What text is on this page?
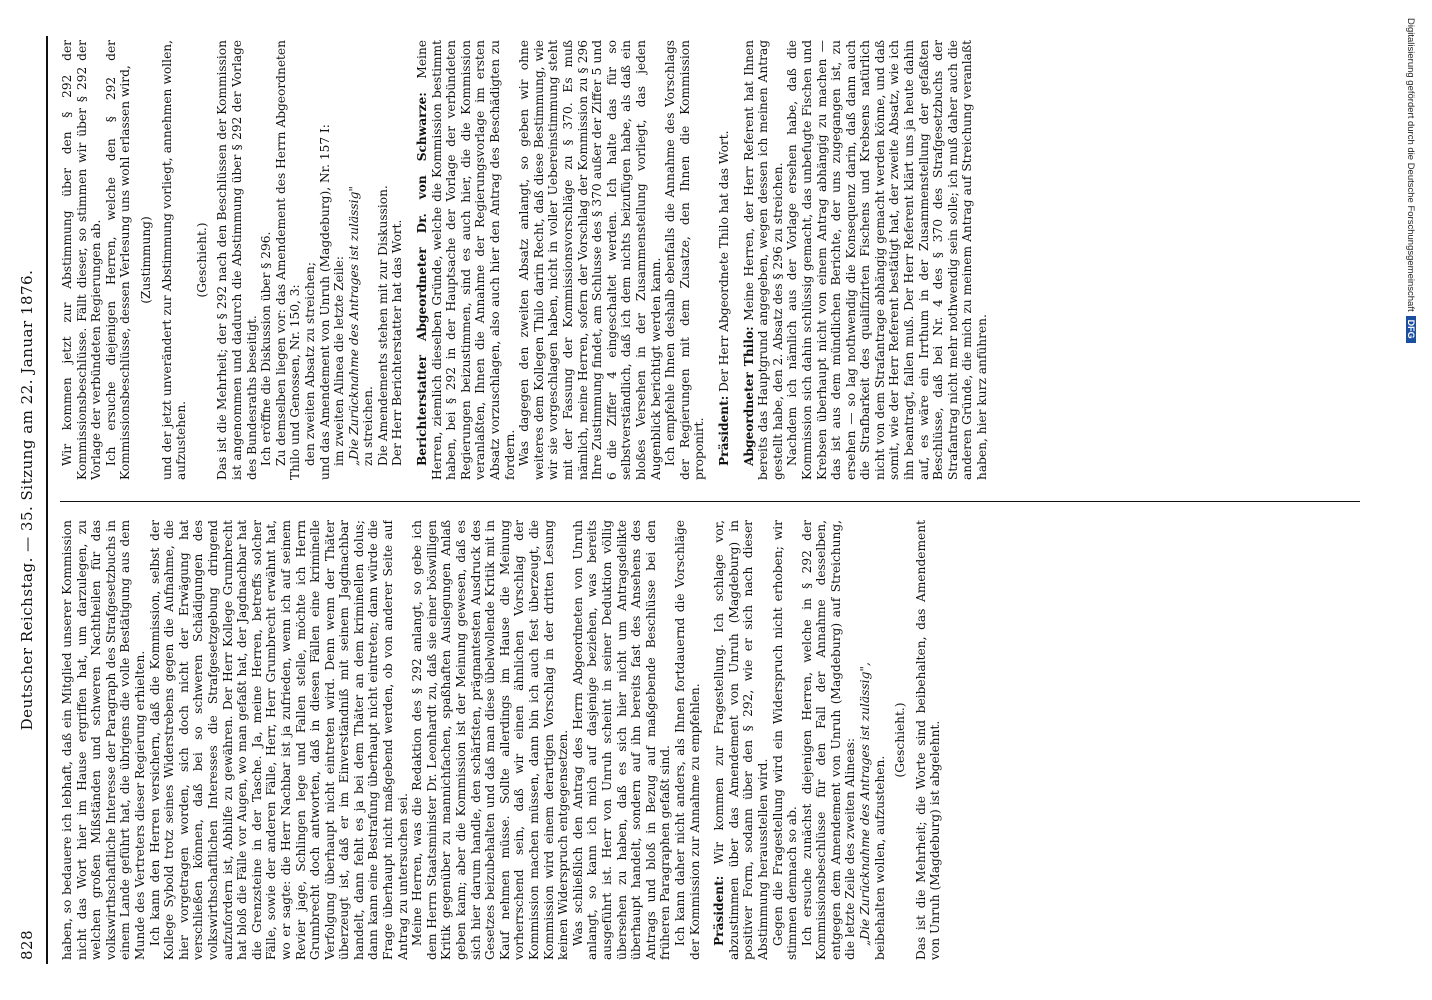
828
Deutscher Reichstag. — 35. Sitzung am 22. Januar 1876.

haben, so bedauere ich lebhaft, daß ein Mitglied unserer Kommission nicht das Wort hier im Hause ergriffen hat, um darzulegen, zu welchen großen Mißständen und schweren Nachtheilen für das volkswirthschaftliche Interesse der Paragraph des Strafgesetzbuchs in einem Lande geführt hat, die übrigens die volle Bestätigung aus dem Munde des Vertreters dieser Regierung erhielten. Ich kann den Herren versichern, daß die Kommission, selbst der Kollege Sybold trotz seines Widerstrebens gegen die Aufnahme, die hier vorgetragen worden, sich doch nicht der Erwägung hat verschließen können, daß bei so schweren Schädigungen des volkswirthschaftlichen Interesses die Strafgesetzgebung dringend aufzufordern ist, Abhilfe zu gewähren. Der Herr Kollege Grumbrecht hat bloß die Fälle vor Augen, wo man gefaßt hat, der Jagdnachbar hat die Grenzsteine in der Tasche. Ja, meine Herren, betreffs solcher Fälle, sowie der anderen Fälle, Herr, Herr Grumbrecht erwähnt hat, wo er sagte: die Herr Nachbar ist ja zufrieden, wenn ich auf seinem Revier jage, Schlingen lege und Fallen stelle, möchte ich Herrn Grumbrecht doch antworten, daß in diesen Fällen eine kriminelle Verfolgung überhaupt nicht eintreten wird. Denn wenn der Thäter überzeugt ist, daß er im Einverständniß mit seinem Jagdnachbar handelt, dann fehlt es ja bei dem Thäter an dem kriminellen dolus; dann kann eine Bestrafung überhaupt nicht eintreten; dann würde die Frage überhaupt nicht maßgebend werden, ob von anderer Seite auf Antrag zu untersuchen sei. Meine Herren, was die Redaktion des § 292 anlangt, so gebe ich dem Herrn Staatsminister Dr. Leonhardt zu, daß sie einer böswilligen Kritik gegenüber zu mannichfachen, spaßhaften Auslegungen Anlaß geben kann; aber die Kommission ist der Meinung gewesen, daß es sich hier darum handle, den schärfsten, prägnantesten Ausdruck des Gesetzes beizubehalten und daß man diese übelwollende Kritik mit in Kauf nehmen müsse. Sollte allerdings im Hause die Meinung vorherrschend sein, daß wir einen ähnlichen Vorschlag der Kommission machen müssen, dann bin ich auch fest überzeugt, die Kommission wird einem derartigen Vorschlag in der dritten Lesung keinen Widerspruch entgegensetzen. Was schließlich den Antrag des Herrn Abgeordneten von Unruh anlangt, so kann ich mich auf dasjenige beziehen, was bereits ausgeführt ist. Herr von Unruh scheint in seiner Deduktion völlig übersehen zu haben, daß es sich hier nicht um Antragsdelikte überhaupt handelt, sondern auf ihn bereits fast des Ansehens des Antrags und bloß in Bezug auf maßgebende Beschlüsse bei den früheren Paragraphen gefaßt sind. Ich kann daher nicht anders, als Ihnen fortdauernd die Vorschläge der Kommission zur Annahme zu empfehlen. Präsident: Wir kommen zur Fragestellung. Ich schlage vor, abzustimmen über das Amendement von Unruh (Magdeburg) in positiver Form, sodann über den § 292, wie er sich nach dieser Abstimmung herausstellen wird. Gegen die Fragestellung wird ein Widerspruch nicht erhoben; wir stimmen demnach so ab. Ich ersuche zunächst diejenigen Herren, welche in § 292 der Kommissionsbeschlüsse für den Fall der Annahme desselben, entgegen dem Amendement von Unruh (Magdeburg) auf Streichung, die letzte Zeile des zweiten Alineas: „Die Zurücknahme des Antrages ist zulässig", beibehalten wollen, aufzustehen.

(Geschieht.) Das ist die Mehrheit; die Worte sind beibehalten, das Amendement von Unruh (Magdeburg) ist abgelehnt.

Wir kommen jetzt zur Abstimmung über den § 292 der Kommissionsbeschlüsse. Fällt dieser, so stimmen wir über § 292 der Vorlage der verbündeten Regierungen ab. Ich ersuche diejenigen Herren, welche den § 292 der Kommissionsbeschlüsse, dessen Verlesung uns wohl erlassen wird, (Zustimmung) und der jetzt unverändert zur Abstimmung vorliegt, annehmen wollen, aufzustehen.

(Geschieht.) Das ist die Mehrheit; der § 292 nach den Beschlüssen der Kommission ist angenommen und dadurch die Abstimmung über § 292 der Vorlage des Bundesraths beseitigt. Ich eröffne die Diskussion über § 296. Zu demselben liegen vor: das Amendement des Herrn Abgeordneten Thilo und Genossen, Nr. 150, 3: den zweiten Absatz zu streichen; und das Amendement von Unruh (Magdeburg), Nr. 157 I: im zweiten Alinea die letzte Zeile: „Die Zurücknahme des Antrages ist zulässig" zu streichen. Die Amendements stehen mit zur Diskussion. Der Herr Berichterstatter hat das Wort. Berichterstatter Abgeordneter Dr. von Schwarze: Meine Herren, ziemlich dieselben Gründe, welche die Kommission bestimmt haben, bei § 292 in der Hauptsache der Vorlage der verbündeten Regierungen beizustimmen, sind es auch hier, die die Kommission veranlaßten, Ihnen die Annahme der Regierungsvorlage im ersten Absatz vorzuschlagen, also auch hier den Antrag des Beschädigten zu fordern. Was dagegen den zweiten Absatz anlangt, so geben wir ohne weiteres dem Kollegen Thilo darin Recht, daß diese Bestimmung, wie wir sie vorgeschlagen haben, nicht in voller Uebereinstimmung steht mit der Fassung der Kommissionsvorschläge zu § 370. Es muß nämlich, meine Herren, sofern der Vorschlag der Kommission zu § 296 Ihre Zustimmung findet, am Schlusse des § 370 außer der Ziffer 5 und 6 die Ziffer 4 eingeschaltet werden. Ich halte das für so selbstverständlich, daß ich dem nichts beizufügen habe, als daß ein bloßes Versehen in der Zusammenstellung vorliegt, das jeden Augenblick berichtigt werden kann. Ich empfehle Ihnen deshalb ebenfalls die Annahme des Vorschlags der Regierungen mit dem Zusatze, den Ihnen die Kommission proponirt. Präsident: Der Herr Abgeordnete Thilo hat das Wort.

Abgeordneter Thilo: Meine Herren, der Herr Referent hat Ihnen bereits das Hauptgrund angegeben, wegen dessen ich meinen Antrag gestellt habe, den 2. Absatz des § 296 zu streichen. Nachdem ich nämlich aus der Vorlage ersehen habe, daß die Kommission sich dahin schlüssig gemacht, das unbefugte Fischen und Krebsen überhaupt nicht von einem Antrag abhängig zu machen — das ist aus dem mündlichen Berichte, der uns zugegangen ist, zu ersehen — so lag nothwendig die Konsequenz darin, daß dann auch die Strafbarkeit des qualifizirten Fischens und Krebsens natürlich nicht von dem Strafantrage abhängig gemacht werden könne, und daß somit, wie der Herr Referent bestätigt hat, der zweite Absatz, wie ich ihn beantragt, fallen muß. Der Herr Referent klärt uns ja heute dahin auf, es wäre ein Irrthum in der Zusammenstellung der gefaßten Beschlüsse, daß bei Nr. 4 des § 370 des Strafgesetzbuchs der Strafantrag nicht mehr nothwendig sein solle; ich muß daher auch die anderen Gründe, die mich zu meinem Antrag auf Streichung veranlaßt haben, hier kurz anführen.

Digitalisierung gefördert durch die Deutsche ForschungsgemeinschaftDFG
